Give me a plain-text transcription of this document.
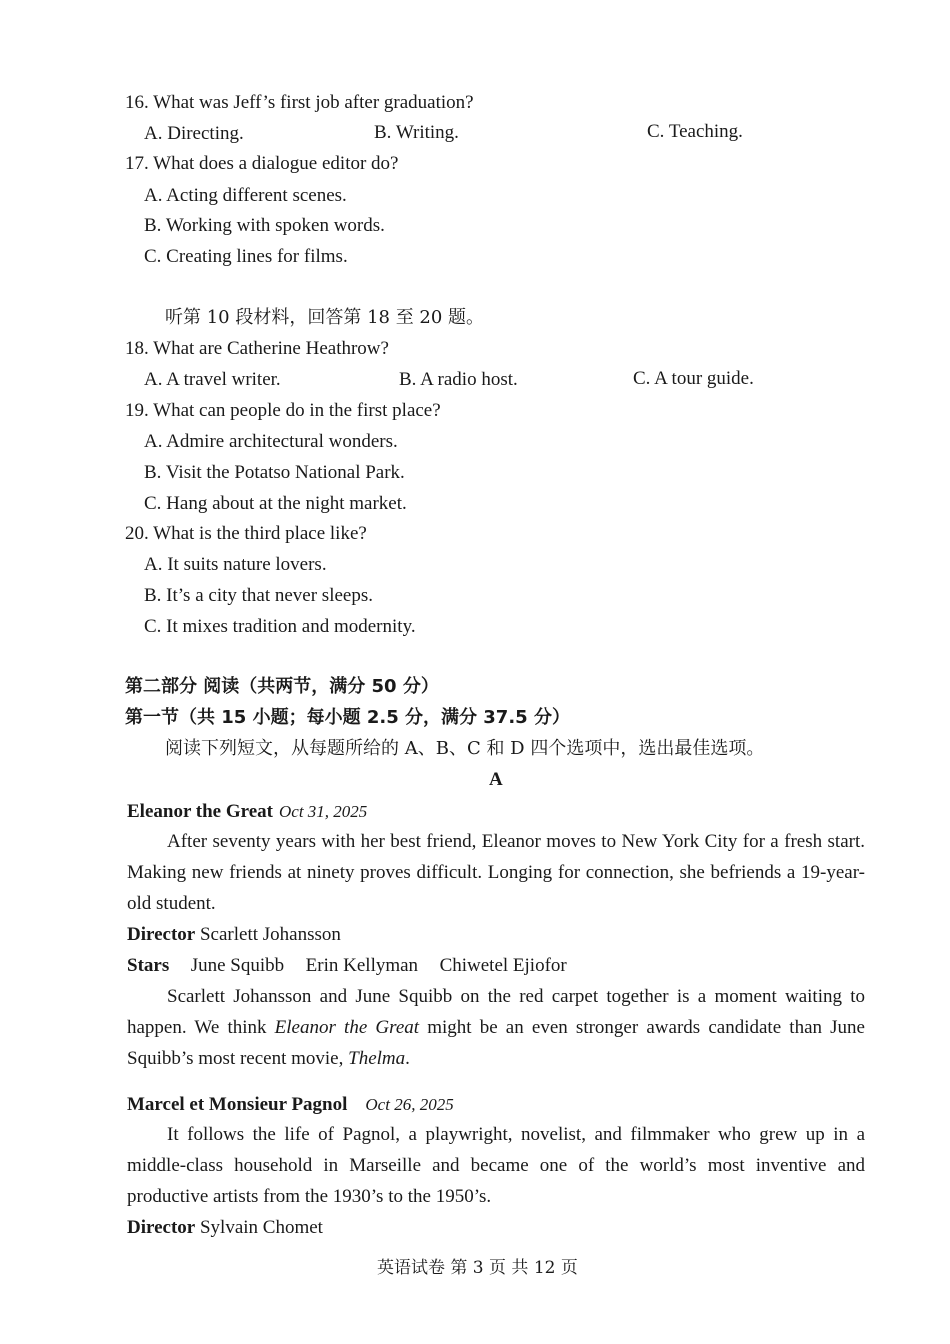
16. What was Jeff’s first job after graduation?
A. Directing.	B. Writing.	C. Teaching.
17. What does a dialogue editor do?
A. Acting different scenes.
B. Working with spoken words.
C. Creating lines for films.
听第 10 段材料，回答第 18 至 20 题。
18. What are Catherine Heathrow?
A. A travel writer.	B. A radio host.	C. A tour guide.
19. What can people do in the first place?
A. Admire architectural wonders.
B. Visit the Potatso National Park.
C. Hang about at the night market.
20. What is the third place like?
A. It suits nature lovers.
B. It’s a city that never sleeps.
C. It mixes tradition and modernity.
第二部分 阅读（共两节，满分 50 分）
第一节（共 15 小题；每小题 2.5 分，满分 37.5 分）
阅读下列短文，从每题所给的 A、B、C 和 D 四个选项中，选出最佳选项。
A
Eleanor the Great Oct 31, 2025
After seventy years with her best friend, Eleanor moves to New York City for a fresh start. Making new friends at ninety proves difficult. Longing for connection, she befriends a 19-year-old student.
Director Scarlett Johansson
Stars June Squibb Erin Kellyman Chiwetel Ejiofor
Scarlett Johansson and June Squibb on the red carpet together is a moment waiting to happen. We think Eleanor the Great might be an even stronger awards candidate than June Squibb’s most recent movie, Thelma.
Marcel et Monsieur Pagnol Oct 26, 2025
It follows the life of Pagnol, a playwright, novelist, and filmmaker who grew up in a middle-class household in Marseille and became one of the world’s most inventive and productive artists from the 1930’s to the 1950’s.
Director Sylvain Chomet
英语试卷 第 3 页 共 12 页
